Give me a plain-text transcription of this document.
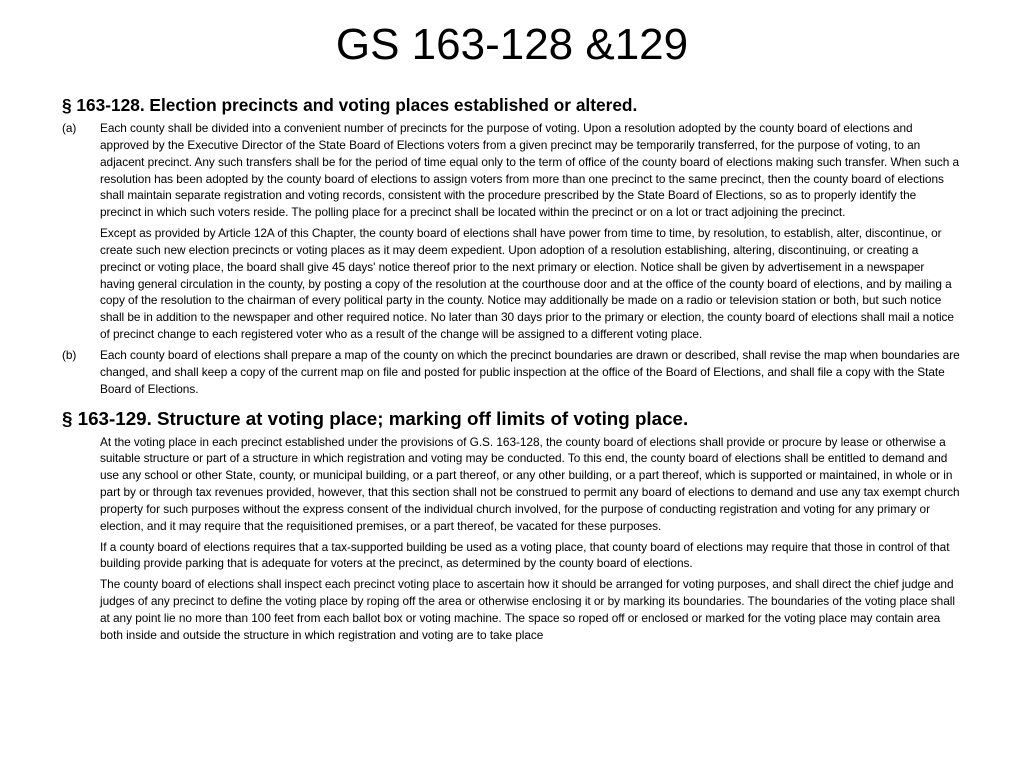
GS 163-128 &129
§ 163-128. Election precincts and voting places established or altered.
(a)	Each county shall be divided into a convenient number of precincts for the purpose of voting. Upon a resolution adopted by the county board of elections and approved by the Executive Director of the State Board of Elections voters from a given precinct may be temporarily transferred, for the purpose of voting, to an adjacent precinct. Any such transfers shall be for the period of time equal only to the term of office of the county board of elections making such transfer. When such a resolution has been adopted by the county board of elections to assign voters from more than one precinct to the same precinct, then the county board of elections shall maintain separate registration and voting records, consistent with the procedure prescribed by the State Board of Elections, so as to properly identify the precinct in which such voters reside. The polling place for a precinct shall be located within the precinct or on a lot or tract adjoining the precinct.
Except as provided by Article 12A of this Chapter, the county board of elections shall have power from time to time, by resolution, to establish, alter, discontinue, or create such new election precincts or voting places as it may deem expedient. Upon adoption of a resolution establishing, altering, discontinuing, or creating a precinct or voting place, the board shall give 45 days' notice thereof prior to the next primary or election. Notice shall be given by advertisement in a newspaper having general circulation in the county, by posting a copy of the resolution at the courthouse door and at the office of the county board of elections, and by mailing a copy of the resolution to the chairman of every political party in the county. Notice may additionally be made on a radio or television station or both, but such notice shall be in addition to the newspaper and other required notice. No later than 30 days prior to the primary or election, the county board of elections shall mail a notice of precinct change to each registered voter who as a result of the change will be assigned to a different voting place.
(b)	Each county board of elections shall prepare a map of the county on which the precinct boundaries are drawn or described, shall revise the map when boundaries are changed, and shall keep a copy of the current map on file and posted for public inspection at the office of the Board of Elections, and shall file a copy with the State Board of Elections.
§ 163-129. Structure at voting place; marking off limits of voting place.
At the voting place in each precinct established under the provisions of G.S. 163-128, the county board of elections shall provide or procure by lease or otherwise a suitable structure or part of a structure in which registration and voting may be conducted. To this end, the county board of elections shall be entitled to demand and use any school or other State, county, or municipal building, or a part thereof, or any other building, or a part thereof, which is supported or maintained, in whole or in part by or through tax revenues provided, however, that this section shall not be construed to permit any board of elections to demand and use any tax exempt church property for such purposes without the express consent of the individual church involved, for the purpose of conducting registration and voting for any primary or election, and it may require that the requisitioned premises, or a part thereof, be vacated for these purposes.
If a county board of elections requires that a tax-supported building be used as a voting place, that county board of elections may require that those in control of that building provide parking that is adequate for voters at the precinct, as determined by the county board of elections.
The county board of elections shall inspect each precinct voting place to ascertain how it should be arranged for voting purposes, and shall direct the chief judge and judges of any precinct to define the voting place by roping off the area or otherwise enclosing it or by marking its boundaries. The boundaries of the voting place shall at any point lie no more than 100 feet from each ballot box or voting machine. The space so roped off or enclosed or marked for the voting place may contain area both inside and outside the structure in which registration and voting are to take place
